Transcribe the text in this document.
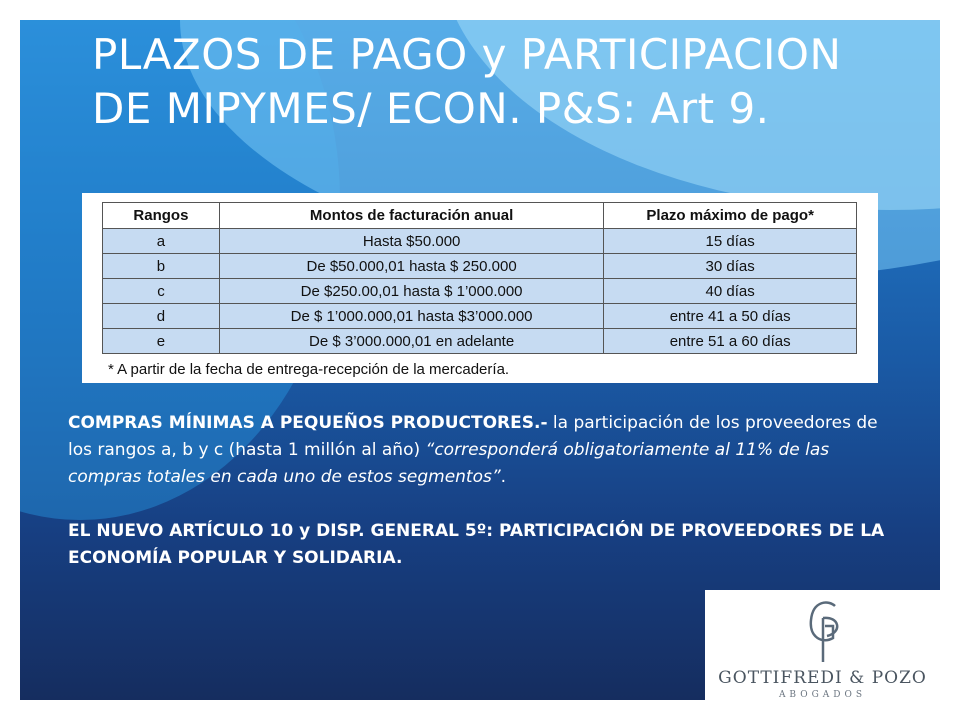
PLAZOS DE PAGO y PARTICIPACION
DE MIPYMES/ ECON. P&S: Art 9.
Rangos	Montos de facturación anual	Plazo máximo de pago*
a	Hasta $50.000	15 días
b	De $50.000,01 hasta $ 250.000	30 días
c	De $250.00,01 hasta $ 1’000.000	40 días
d	De $ 1’000.000,01 hasta $3’000.000	entre 41 a 50 días
e	De $ 3’000.000,01 en adelante	entre 51 a 60 días
* A partir de la fecha de entrega-recepción de la mercadería.

COMPRAS MÍNIMAS A PEQUEÑOS PRODUCTORES.- la participación de los proveedores de los rangos a, b y c (hasta 1 millón al año) “corresponderá obligatoriamente al 11% de las compras totales en cada uno de estos segmentos”.

EL NUEVO ARTÍCULO 10 y DISP. GENERAL 5º: PARTICIPACIÓN DE PROVEEDORES DE LA ECONOMÍA POPULAR Y SOLIDARIA.

GOTTIFREDI & POZO
ABOGADOS
